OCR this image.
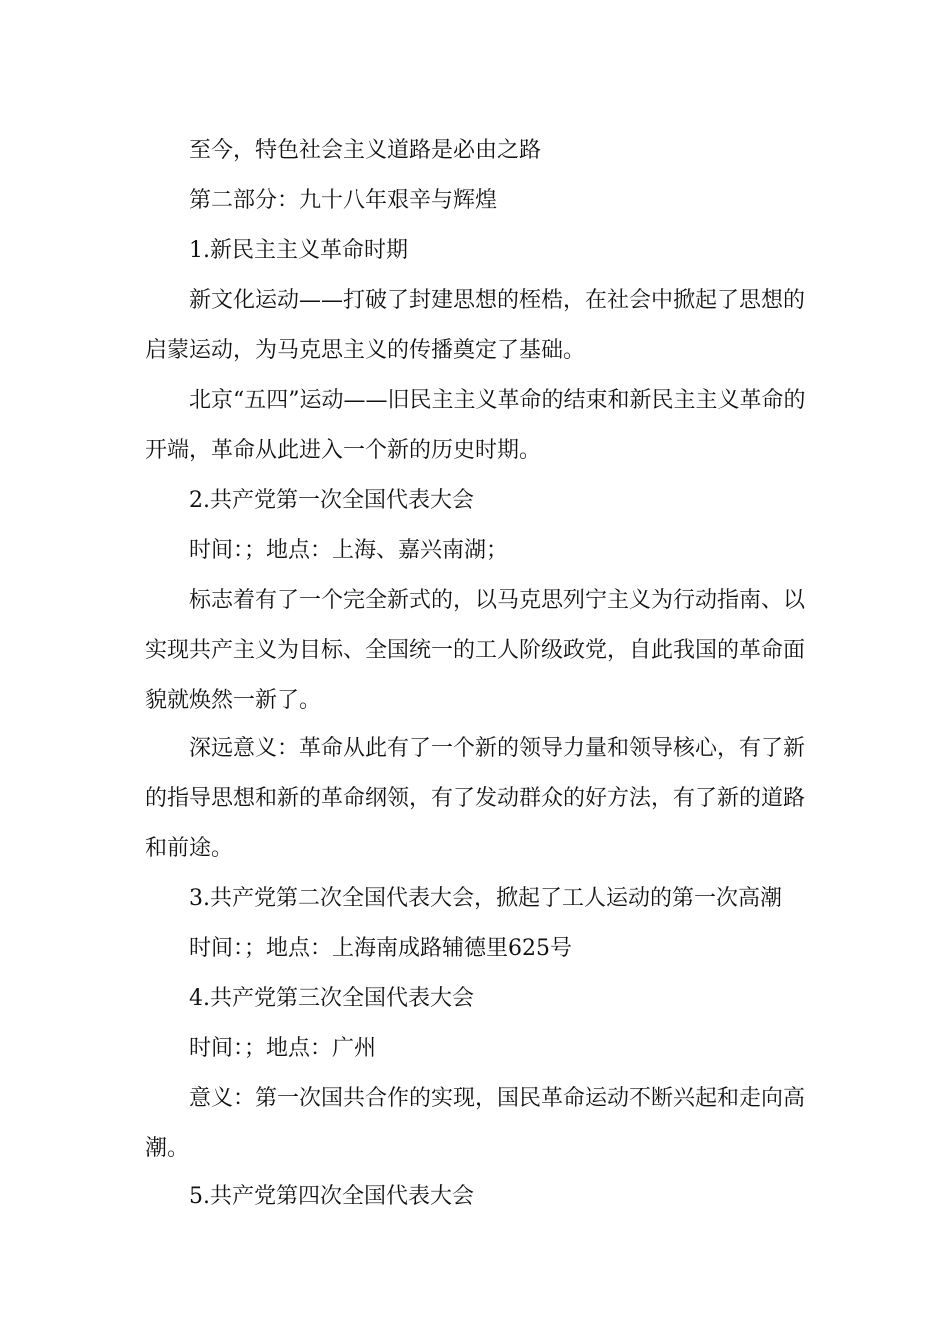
至今，特色社会主义道路是必由之路

第二部分：九十八年艰辛与辉煌

1.新民主主义革命时期

新文化运动——打破了封建思想的桎梏，在社会中掀起了思想的启蒙运动，为马克思主义的传播奠定了基础。

北京“五四”运动——旧民主主义革命的结束和新民主主义革命的开端，革命从此进入一个新的历史时期。

2.共产党第一次全国代表大会

时间：；地点：上海、嘉兴南湖；

标志着有了一个完全新式的，以马克思列宁主义为行动指南、以实现共产主义为目标、全国统一的工人阶级政党，自此我国的革命面貌就焕然一新了。

深远意义：革命从此有了一个新的领导力量和领导核心，有了新的指导思想和新的革命纲领，有了发动群众的好方法，有了新的道路和前途。

3.共产党第二次全国代表大会，掀起了工人运动的第一次高潮

时间：；地点：上海南成路辅德里625号

4.共产党第三次全国代表大会

时间：；地点：广州

意义：第一次国共合作的实现，国民革命运动不断兴起和走向高潮。

5.共产党第四次全国代表大会
